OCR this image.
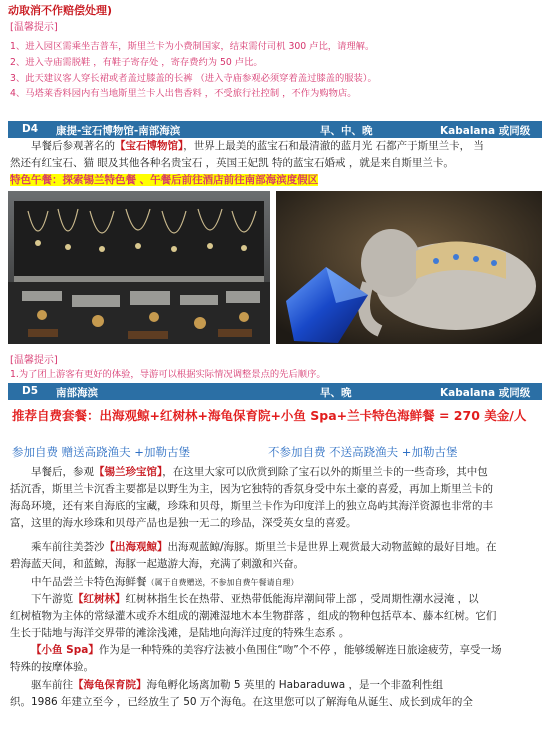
动取消不作赔偿处理)
[温馨提示]
1、进入园区需乘坐吉普车，斯里兰卡为小费制国家，结束需付司机 300 卢比，请理解。
2、进入寺庙需脱鞋 ，有鞋子寄存处 ，寄存费约为 50 卢比。
3、此天建议客人穿长裙或者盖过膝盖的长裤 （进入寺庙参观必须穿着盖过膝盖的服装）。
4、马塔莱香料园内有当地斯里兰卡人出售香料 ，不受旅行社控制 ，不作为购物店。
D4 康提-宝石博物馆-南部海滨	早、中、晚	Kabalana 或同级
早餐后参观著名的【宝石博物馆】，世界上最美的蓝宝石和最清澈的蓝月光 石都产于斯里兰卡， 当
然还有红宝石、猫 眼及其他各种名贵宝石 ，英国王妃凯 特的蓝宝石婚戒 ，就是来自斯里兰卡。
特色午餐：探索锡兰特色餐 、午餐后前往酒店前往南部海滨度假区
[温馨提示]
1.为了团上游客有更好的体验，导游可以根据实际情况调整景点的先后顺序。
D5 南部海滨	早、晚	Kabalana 或同级
推荐自费套餐：出海观鲸+红树林+海龟保育院+小鱼 Spa+兰卡特色海鲜餐 = 270 美金/人
参加自费 赠送高跷渔夫 +加勒古堡	不参加自费 不送高跷渔夫 +加勒古堡
早餐后，参观【锡兰珍宝馆】，在这里大家可以欣赏到除了宝石以外的斯里兰卡的一些奇珍，其中包
括沉香，斯里兰卡沉香主要都是以野生为主，因为它独特的香氛身受中东土豪的喜爱，再加上斯里兰卡的
海岛环境，还有来自海底的宝藏，珍珠和贝母，斯里兰卡作为印度洋上的独立岛屿其海洋资源也非常的丰
富，这里的海水珍珠和贝母产品也是独一无二的珍品，深受英女皇的喜爱。
乘车前往美荟沙【出海观鲸】出海观蓝鲸/海豚。斯里兰卡是世界上观赏最大动物蓝鲸的最好目地。在
碧海蓝天间，和蓝鲸，海豚一起遨游大海，充满了刺激和兴奋。
中午品尝兰卡特色海鲜餐（属于自费赠送，不参加自费午餐请自理）
下午游览【红树林】红树林指生长在热带、亚热带低能海岸潮间带上部 ，受周期性潮水浸淹 ，以
红树植物为主体的常绿灌木或乔木组成的潮滩湿地木本生物群落 ，组成的物种包括草本、藤本红树。它们
生长于陆地与海洋交界带的滩涂浅滩，是陆地向海洋过度的特殊生态系 。
【小鱼 Spa】作为是一种特殊的美容疗法被小鱼围住“吻”个不停 ，能够缓解连日旅途疲劳，享受一场
特殊的按摩体验。
驱车前往【海龟保育院】海龟孵化场离加勒 5 英里的 Habaraduwa ，是一个非盈利性组
织。1986 年建立至今 ，已经放生了 50 万个海龟。在这里您可以了解海龟从诞生、成长到成年的全
